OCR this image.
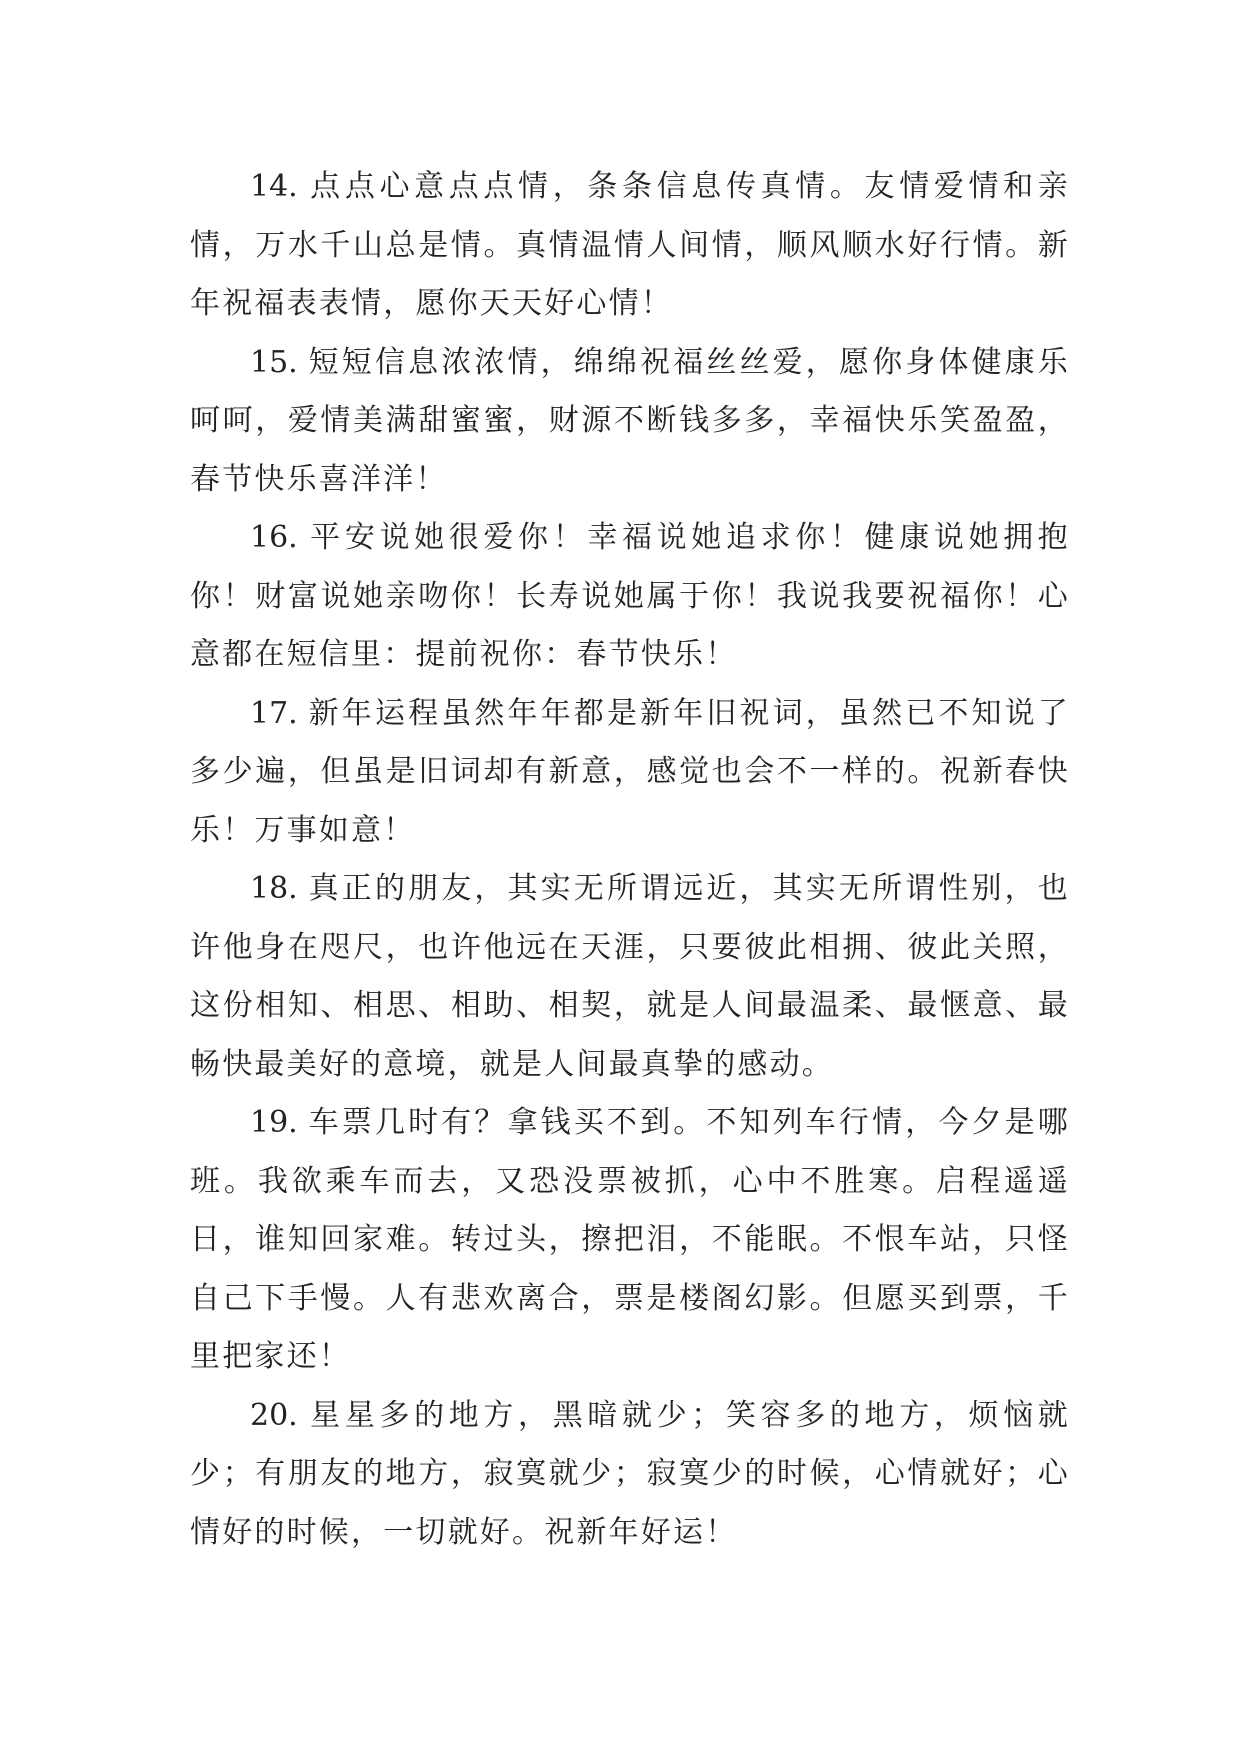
14. 点点心意点点情，条条信息传真情。友情爱情和亲情，万水千山总是情。真情温情人间情，顺风顺水好行情。新年祝福表表情，愿你天天好心情！

15. 短短信息浓浓情，绵绵祝福丝丝爱，愿你身体健康乐呵呵，爱情美满甜蜜蜜，财源不断钱多多，幸福快乐笑盈盈，春节快乐喜洋洋！

16. 平安说她很爱你！幸福说她追求你！健康说她拥抱你！财富说她亲吻你！长寿说她属于你！我说我要祝福你！心意都在短信里：提前祝你：春节快乐！

17. 新年运程虽然年年都是新年旧祝词，虽然已不知说了多少遍，但虽是旧词却有新意，感觉也会不一样的。祝新春快乐！万事如意！

18. 真正的朋友，其实无所谓远近，其实无所谓性别，也许他身在咫尺，也许他远在天涯，只要彼此相拥、彼此关照，这份相知、相思、相助、相契，就是人间最温柔、最惬意、最畅快最美好的意境，就是人间最真挚的感动。

19. 车票几时有？拿钱买不到。不知列车行情，今夕是哪班。我欲乘车而去，又恐没票被抓，心中不胜寒。启程遥遥日，谁知回家难。转过头，擦把泪，不能眠。不恨车站，只怪自己下手慢。人有悲欢离合，票是楼阁幻影。但愿买到票，千里把家还！

20. 星星多的地方，黑暗就少；笑容多的地方，烦恼就少；有朋友的地方，寂寞就少；寂寞少的时候，心情就好；心情好的时候，一切就好。祝新年好运！
